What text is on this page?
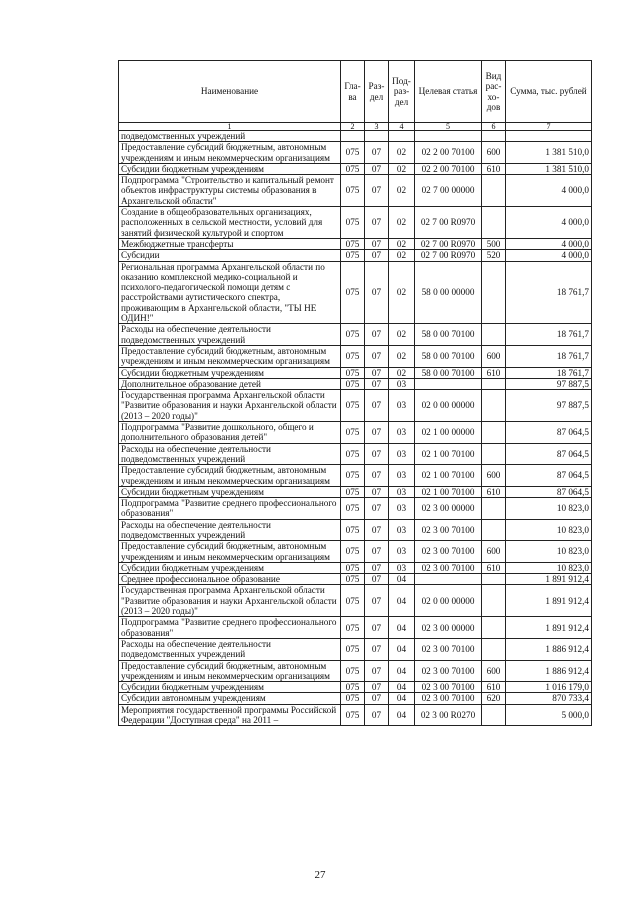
Наименование	Гла-ва	Раз-дел	Под-раз-дел	Целевая статья	Вид рас-хо-дов	Сумма, тыс. рублей
1	2	3	4	5	6	7
подведомственных учреждений						
Предоставление субсидий бюджетным, автономным учреждениям и иным некоммерческим организациям	075	07	02	02 2 00 70100	600	1 381 510,0
Субсидии бюджетным учреждениям	075	07	02	02 2 00 70100	610	1 381 510,0
Подпрограмма "Строительство и капитальный ремонт объектов инфраструктуры системы образования в Архангельской области"	075	07	02	02 7 00 00000		4 000,0
Создание в общеобразовательных организациях, расположенных в сельской местности, условий для занятий физической культурой и спортом	075	07	02	02 7 00 R0970		4 000,0
Межбюджетные трансферты	075	07	02	02 7 00 R0970	500	4 000,0
Субсидии	075	07	02	02 7 00 R0970	520	4 000,0
Региональная программа Архангельской области по оказанию комплексной медико-социальной и психолого-педагогической помощи детям с расстройствами аутистического спектра, проживающим в Архангельской области, "ТЫ НЕ ОДИН!"	075	07	02	58 0 00 00000		18 761,7
Расходы на обеспечение деятельности подведомственных учреждений	075	07	02	58 0 00 70100		18 761,7
Предоставление субсидий бюджетным, автономным учреждениям и иным некоммерческим организациям	075	07	02	58 0 00 70100	600	18 761,7
Субсидии бюджетным учреждениям	075	07	02	58 0 00 70100	610	18 761,7
Дополнительное образование детей	075	07	03			97 887,5
Государственная программа Архангельской области "Развитие образования и науки Архангельской области (2013 – 2020 годы)"	075	07	03	02 0 00 00000		97 887,5
Подпрограмма "Развитие дошкольного, общего и дополнительного образования детей"	075	07	03	02 1 00 00000		87 064,5
Расходы на обеспечение деятельности подведомственных учреждений	075	07	03	02 1 00 70100		87 064,5
Предоставление субсидий бюджетным, автономным учреждениям и иным некоммерческим организациям	075	07	03	02 1 00 70100	600	87 064,5
Субсидии бюджетным учреждениям	075	07	03	02 1 00 70100	610	87 064,5
Подпрограмма "Развитие среднего профессионального образования"	075	07	03	02 3 00 00000		10 823,0
Расходы на обеспечение деятельности подведомственных учреждений	075	07	03	02 3 00 70100		10 823,0
Предоставление субсидий бюджетным, автономным учреждениям и иным некоммерческим организациям	075	07	03	02 3 00 70100	600	10 823,0
Субсидии бюджетным учреждениям	075	07	03	02 3 00 70100	610	10 823,0
Среднее профессиональное образование	075	07	04			1 891 912,4
Государственная программа Архангельской области "Развитие образования и науки Архангельской области (2013 – 2020 годы)"	075	07	04	02 0 00 00000		1 891 912,4
Подпрограмма "Развитие среднего профессионального образования"	075	07	04	02 3 00 00000		1 891 912,4
Расходы на обеспечение деятельности подведомственных учреждений	075	07	04	02 3 00 70100		1 886 912,4
Предоставление субсидий бюджетным, автономным учреждениям и иным некоммерческим организациям	075	07	04	02 3 00 70100	600	1 886 912,4
Субсидии бюджетным учреждениям	075	07	04	02 3 00 70100	610	1 016 179,0
Субсидии автономным учреждениям	075	07	04	02 3 00 70100	620	870 733,4
Мероприятия государственной программы Российской Федерации "Доступная среда" на 2011 –	075	07	04	02 3 00 R0270		5 000,0
27
